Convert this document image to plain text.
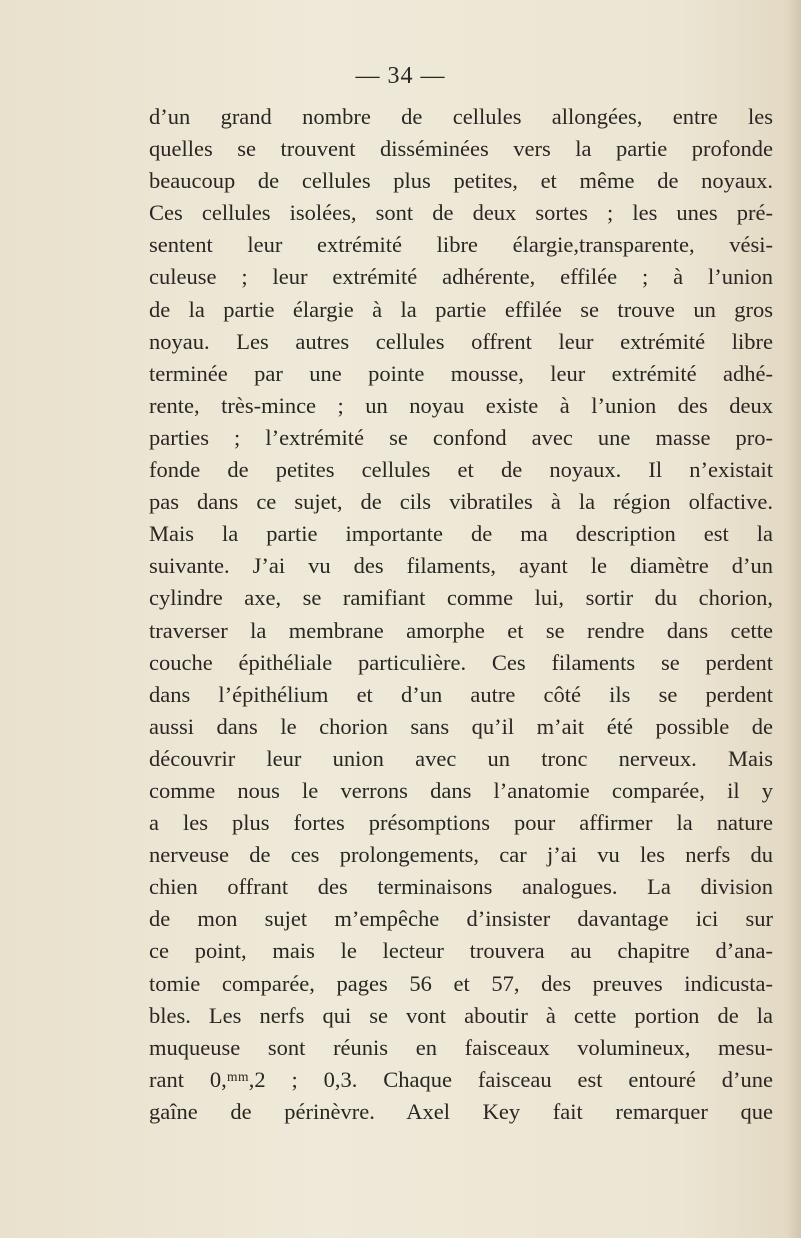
— 34 —
d’un grand nombre de cellules allongées, entre les
quelles se trouvent disséminées vers la partie profonde
beaucoup de cellules plus petites, et même de noyaux.
Ces cellules isolées, sont de deux sortes ; les unes pré-
sentent leur extrémité libre élargie,transparente, vési-
culeuse ; leur extrémité adhérente, effilée ; à l’union
de la partie élargie à la partie effilée se trouve un gros
noyau. Les autres cellules offrent leur extrémité libre
terminée par une pointe mousse, leur extrémité adhé-
rente, très-mince ; un noyau existe à l’union des deux
parties ; l’extrémité se confond avec une masse pro-
fonde de petites cellules et de noyaux. Il n’existait
pas dans ce sujet, de cils vibratiles à la région olfactive.
Mais la partie importante de ma description est la
suivante. J’ai vu des filaments, ayant le diamètre d’un
cylindre axe, se ramifiant comme lui, sortir du chorion,
traverser la membrane amorphe et se rendre dans cette
couche épithéliale particulière. Ces filaments se perdent
dans l’épithélium et d’un autre côté ils se perdent
aussi dans le chorion sans qu’il m’ait été possible de
découvrir leur union avec un tronc nerveux. Mais
comme nous le verrons dans l’anatomie comparée, il y
a les plus fortes présomptions pour affirmer la nature
nerveuse de ces prolongements, car j’ai vu les nerfs du
chien offrant des terminaisons analogues. La division
de mon sujet m’empêche d’insister davantage ici sur
ce point, mais le lecteur trouvera au chapitre d’ana-
tomie comparée, pages 56 et 57, des preuves indicusta-
bles. Les nerfs qui se vont aboutir à cette portion de la
muqueuse sont réunis en faisceaux volumineux, mesu-
rant 0,ᵐᵐ,2 ; 0,3. Chaque faisceau est entouré d’une
gaîne de périnèvre. Axel Key fait remarquer que
